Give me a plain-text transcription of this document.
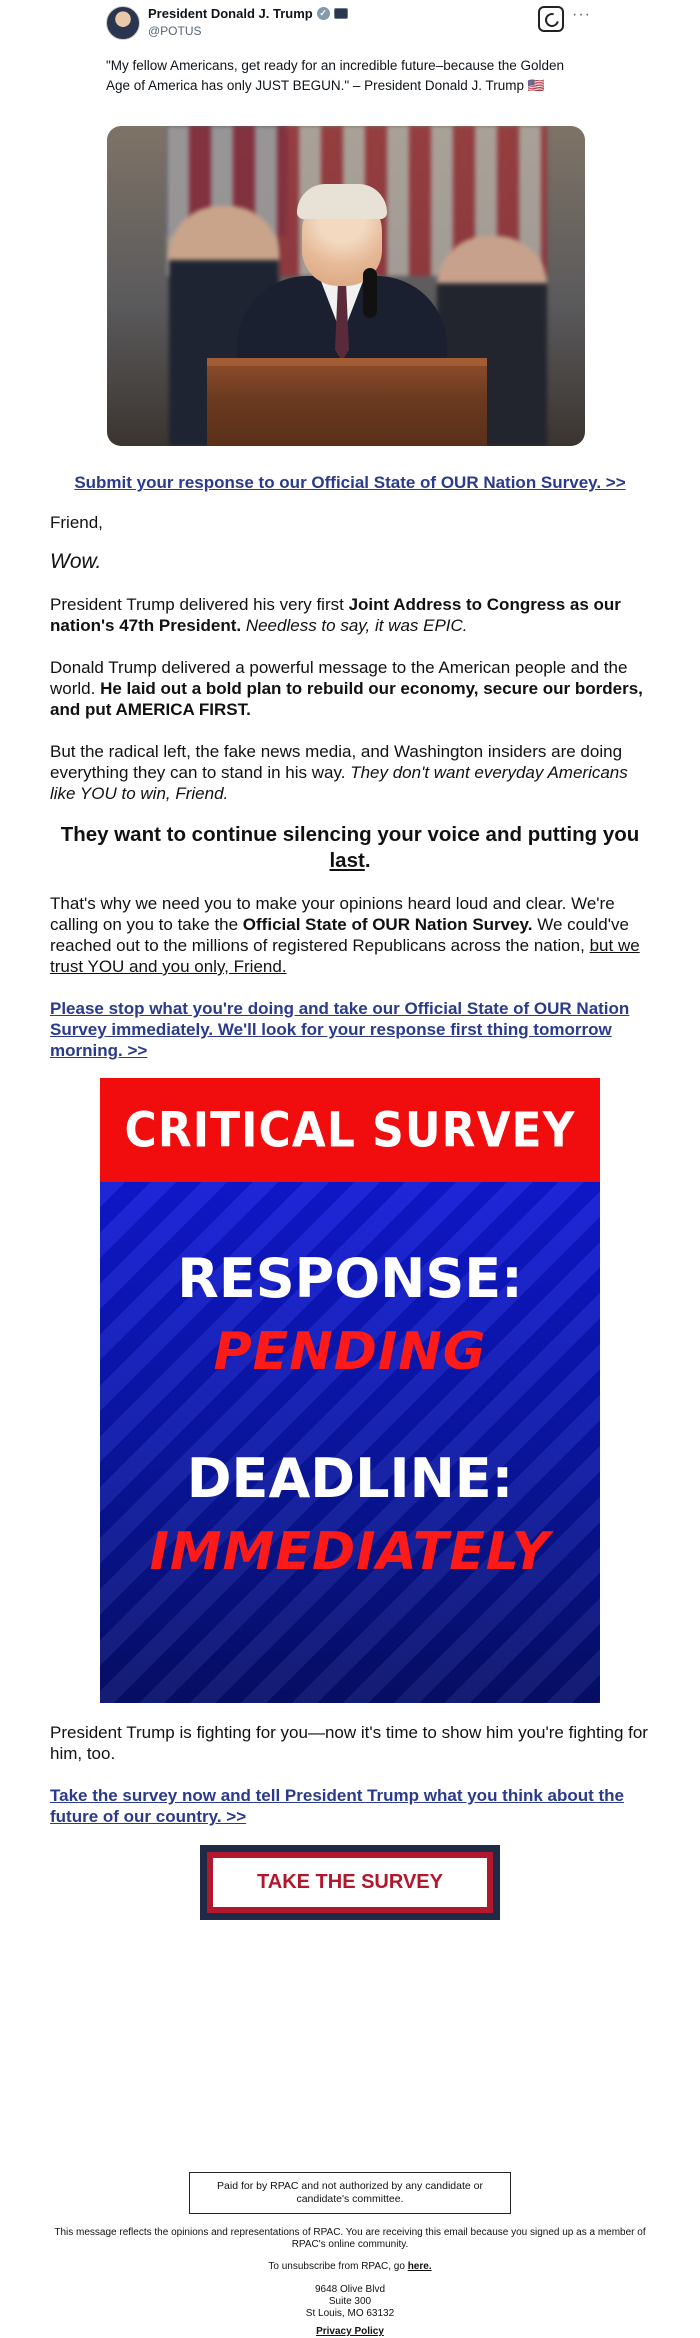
President Donald J. Trump ✓
@POTUS
···
"My fellow Americans, get ready for an incredible future–because the Golden Age of America has only JUST BEGUN." – President Donald J. Trump 🇺🇸
Submit your response to our Official State of OUR Nation Survey. >>
Friend,
Wow.
President Trump delivered his very first Joint Address to Congress as our nation's 47th President. Needless to say, it was EPIC.
Donald Trump delivered a powerful message to the American people and the world. He laid out a bold plan to rebuild our economy, secure our borders, and put AMERICA FIRST.
But the radical left, the fake news media, and Washington insiders are doing everything they can to stand in his way. They don't want everyday Americans like YOU to win, Friend.
They want to continue silencing your voice and putting you last.
That's why we need you to make your opinions heard loud and clear. We're calling on you to take the Official State of OUR Nation Survey. We could've reached out to the millions of registered Republicans across the nation, but we trust YOU and you only, Friend.
Please stop what you're doing and take our Official State of OUR Nation Survey immediately. We'll look for your response first thing tomorrow morning. >>
CRITICAL SURVEY
RESPONSE:
PENDING
DEADLINE:
IMMEDIATELY
President Trump is fighting for you—now it's time to show him you're fighting for him, too.
Take the survey now and tell President Trump what you think about the future of our country. >>
TAKE THE SURVEY
Paid for by RPAC and not authorized by any candidate or candidate's committee.
This message reflects the opinions and representations of RPAC. You are receiving this email because you signed up as a member of RPAC's online community.
To unsubscribe from RPAC, go here.
9648 Olive Blvd
Suite 300
St Louis, MO 63132
Privacy Policy
